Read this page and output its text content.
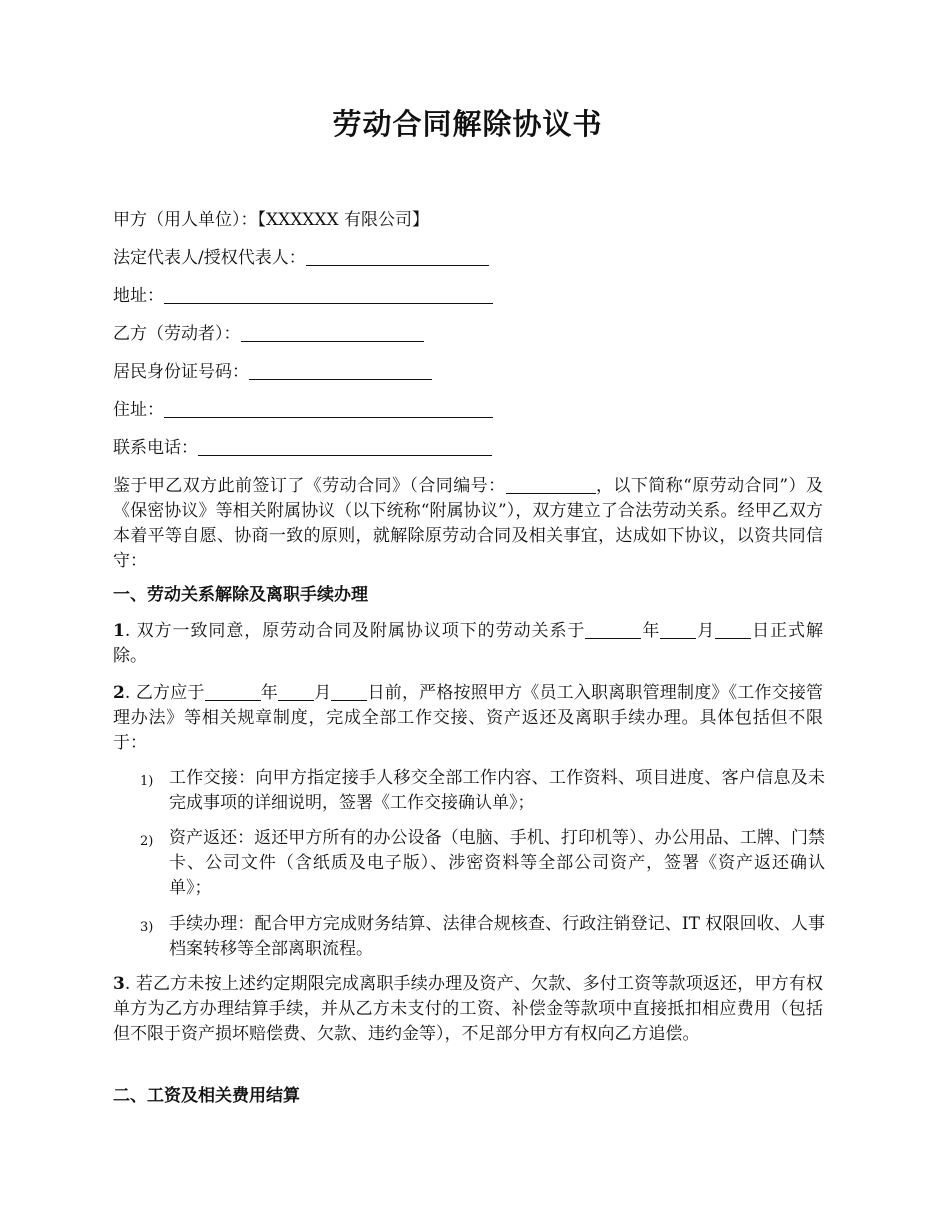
劳动合同解除协议书
甲方（用人单位）：【XXXXXX 有限公司】
法定代表人/授权代表人：
地址：
乙方（劳动者）：
居民身份证号码：
住址：
联系电话：
鉴于甲乙双方此前签订了《劳动合同》（合同编号：	，以下简称“原劳动合同”）及《保密协议》等相关附属协议（以下统称“附属协议”），双方建立了合法劳动关系。经甲乙双方本着平等自愿、协商一致的原则，就解除原劳动合同及相关事宜，达成如下协议，以资共同信守：
一、劳动关系解除及离职手续办理
1. 双方一致同意，原劳动合同及附属协议项下的劳动关系于	年 月 日正式解除。
2. 乙方应于	年 月 日前，严格按照甲方《员工入职离职管理制度》《工作交接管理办法》等相关规章制度，完成全部工作交接、资产返还及离职手续办理。具体包括但不限于：
1) 工作交接：向甲方指定接手人移交全部工作内容、工作资料、项目进度、客户信息及未完成事项的详细说明，签署《工作交接确认单》；
2) 资产返还：返还甲方所有的办公设备（电脑、手机、打印机等）、办公用品、工牌、门禁卡、公司文件（含纸质及电子版）、涉密资料等全部公司资产，签署《资产返还确认单》；
3) 手续办理：配合甲方完成财务结算、法律合规核查、行政注销登记、IT 权限回收、人事档案转移等全部离职流程。
3. 若乙方未按上述约定期限完成离职手续办理及资产、欠款、多付工资等款项返还，甲方有权单方为乙方办理结算手续，并从乙方未支付的工资、补偿金等款项中直接抵扣相应费用（包括但不限于资产损坏赔偿费、欠款、违约金等），不足部分甲方有权向乙方追偿。
二、工资及相关费用结算
